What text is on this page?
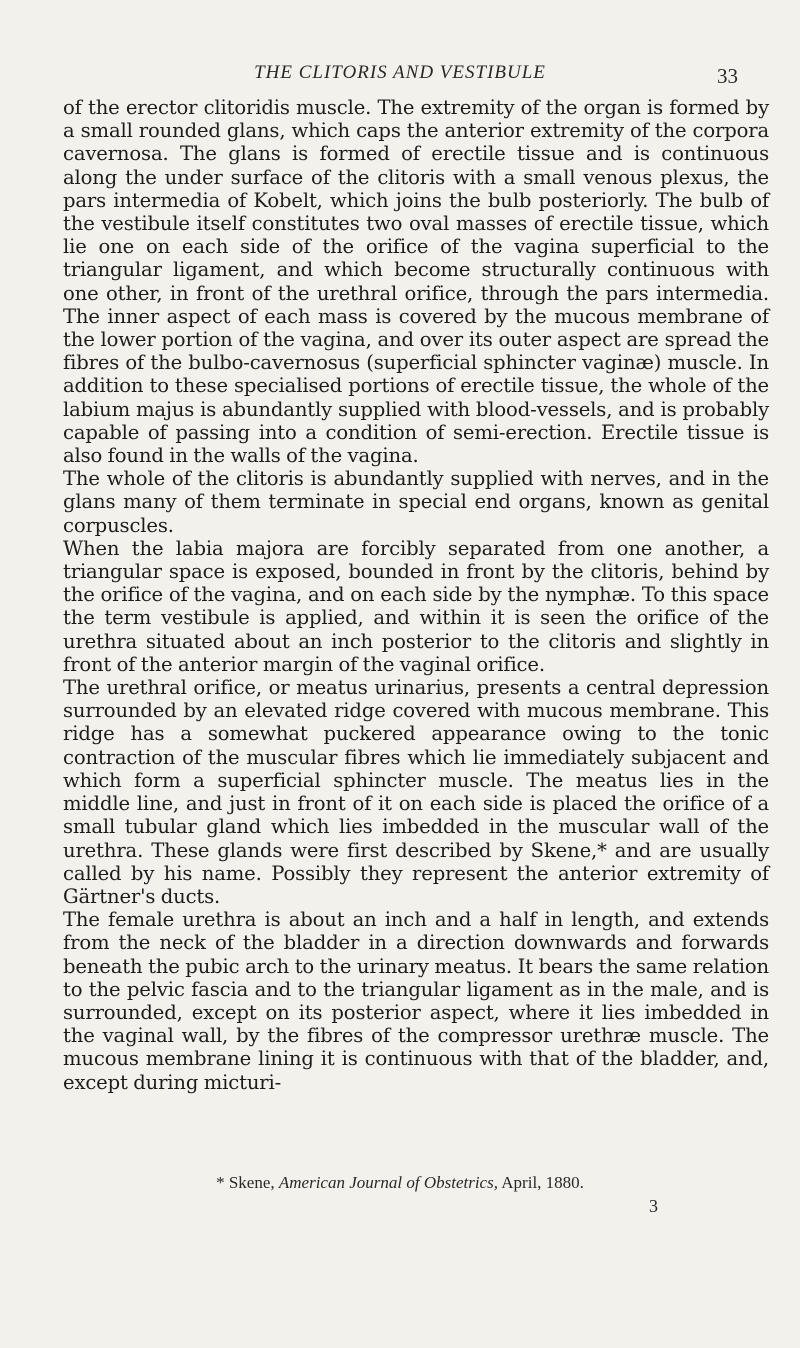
THE CLITORIS AND VESTIBULE	33

of the erector clitoridis muscle. The extremity of the organ is formed by a small rounded glans, which caps the anterior extremity of the corpora cavernosa. The glans is formed of erectile tissue and is continuous along the under surface of the clitoris with a small venous plexus, the pars intermedia of Kobelt, which joins the bulb posteriorly. The bulb of the vestibule itself constitutes two oval masses of erectile tissue, which lie one on each side of the orifice of the vagina superficial to the triangular ligament, and which become structurally continuous with one other, in front of the urethral orifice, through the pars intermedia. The inner aspect of each mass is covered by the mucous membrane of the lower portion of the vagina, and over its outer aspect are spread the fibres of the bulbo-cavernosus (superficial sphincter vaginæ) muscle. In addition to these specialised portions of erectile tissue, the whole of the labium majus is abundantly supplied with blood-vessels, and is probably capable of passing into a condition of semi-erection. Erectile tissue is also found in the walls of the vagina.

The whole of the clitoris is abundantly supplied with nerves, and in the glans many of them terminate in special end organs, known as genital corpuscles.

When the labia majora are forcibly separated from one another, a triangular space is exposed, bounded in front by the clitoris, behind by the orifice of the vagina, and on each side by the nymphæ. To this space the term vestibule is applied, and within it is seen the orifice of the urethra situated about an inch posterior to the clitoris and slightly in front of the anterior margin of the vaginal orifice.

The urethral orifice, or meatus urinarius, presents a central depression surrounded by an elevated ridge covered with mucous membrane. This ridge has a somewhat puckered appearance owing to the tonic contraction of the muscular fibres which lie immediately subjacent and which form a superficial sphincter muscle. The meatus lies in the middle line, and just in front of it on each side is placed the orifice of a small tubular gland which lies imbedded in the muscular wall of the urethra. These glands were first described by Skene,* and are usually called by his name. Possibly they represent the anterior extremity of Gärtner's ducts.

The female urethra is about an inch and a half in length, and extends from the neck of the bladder in a direction downwards and forwards beneath the pubic arch to the urinary meatus. It bears the same relation to the pelvic fascia and to the triangular ligament as in the male, and is surrounded, except on its posterior aspect, where it lies imbedded in the vaginal wall, by the fibres of the compressor urethræ muscle. The mucous membrane lining it is continuous with that of the bladder, and, except during micturi-

* Skene, American Journal of Obstetrics, April, 1880.
3
